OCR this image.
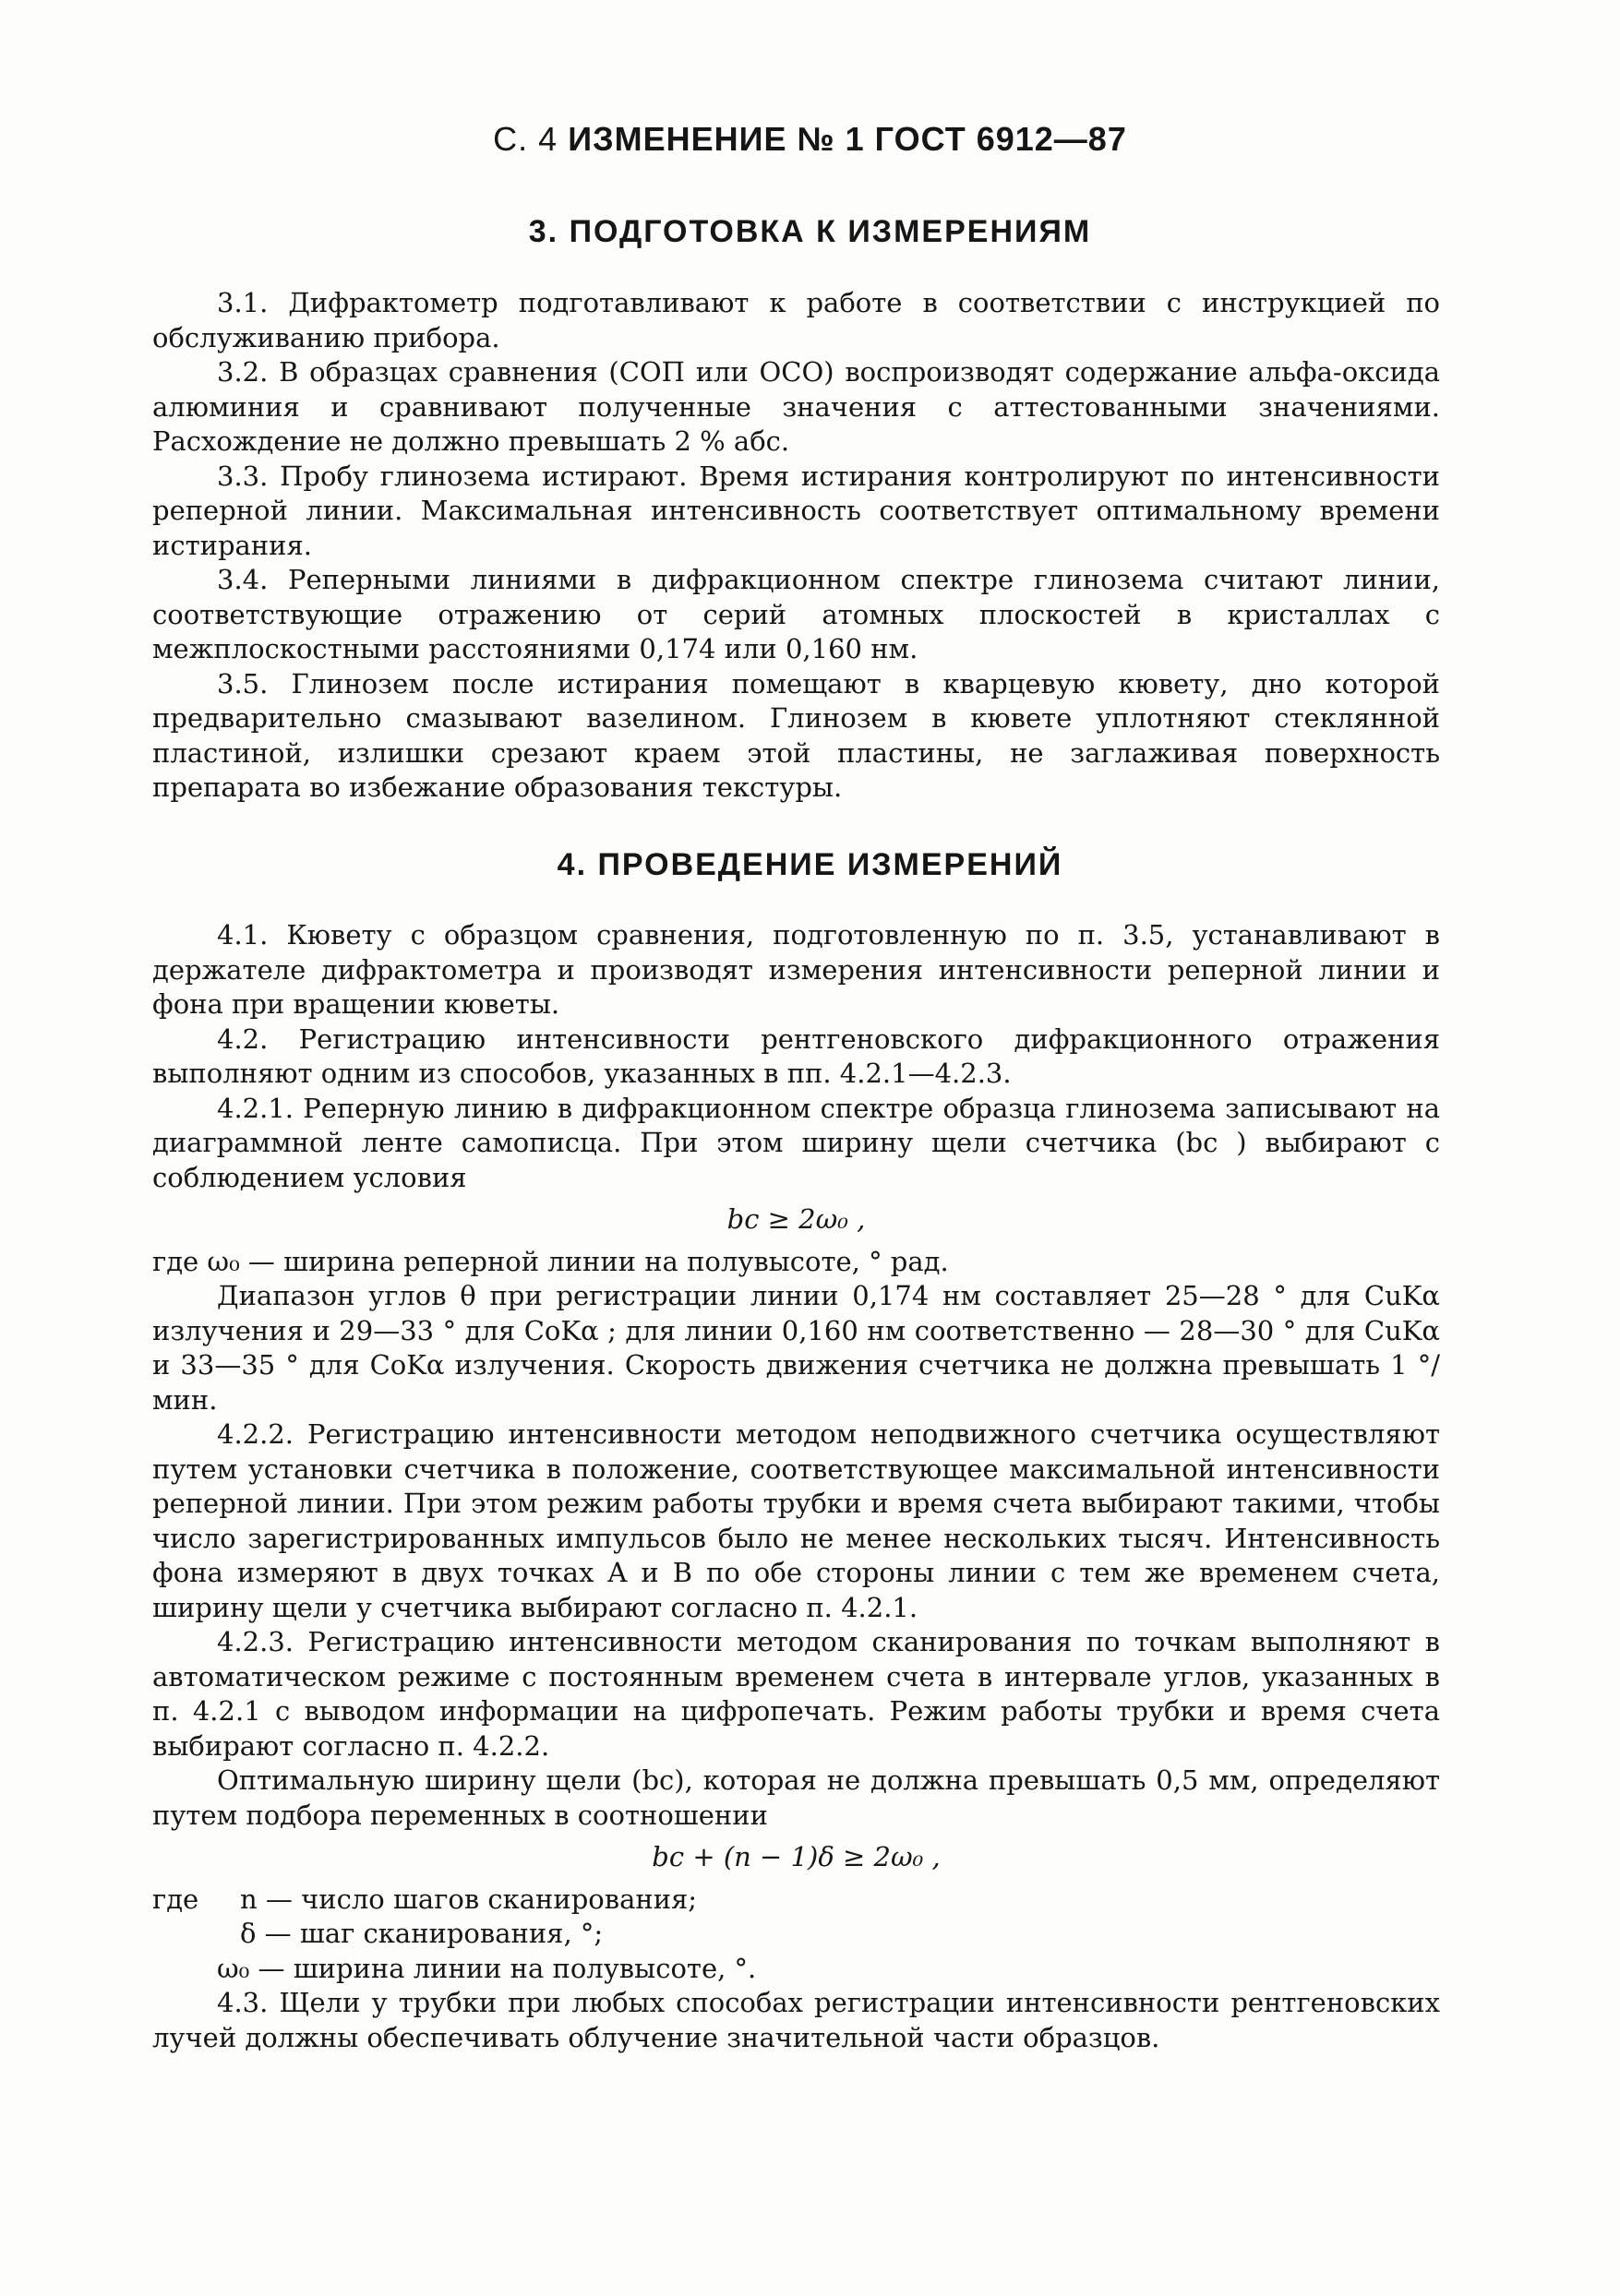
С. 4 ИЗМЕНЕНИЕ № 1 ГОСТ 6912—87
3. ПОДГОТОВКА К ИЗМЕРЕНИЯМ

3.1. Дифрактометр подготавливают к работе в соответствии с инструкцией по обслуживанию прибора.

3.2. В образцах сравнения (СОП или ОСО) воспроизводят содержание альфа-оксида алюминия и сравнивают полученные значения с аттестованными значениями. Расхождение не должно превышать 2 % абс.

3.3. Пробу глинозема истирают. Время истирания контролируют по интенсивности реперной линии. Максимальная интенсивность соответствует оптимальному времени истирания.

3.4. Реперными линиями в дифракционном спектре глинозема считают линии, соответствующие отражению от серий атомных плоскостей в кристаллах с межплоскостными расстояниями 0,174 или 0,160 нм.

3.5. Глинозем после истирания помещают в кварцевую кювету, дно которой предварительно смазывают вазелином. Глинозем в кювете уплотняют стеклянной пластиной, излишки срезают краем этой пластины, не заглаживая поверхность препарата во избежание образования текстуры.

4. ПРОВЕДЕНИЕ ИЗМЕРЕНИЙ

4.1. Кювету с образцом сравнения, подготовленную по п. 3.5, устанавливают в держателе дифрактометра и производят измерения интенсивности реперной линии и фона при вращении кюветы.

4.2. Регистрацию интенсивности рентгеновского дифракционного отражения выполняют одним из способов, указанных в пп. 4.2.1—4.2.3.

4.2.1. Реперную линию в дифракционном спектре образца глинозема записывают на диаграммной ленте самописца. При этом ширину щели счетчика (bс ) выбирают с соблюдением условия

bс ≥ 2ω₀ ,

где ω₀ — ширина реперной линии на полувысоте, ° рад.

Диапазон углов θ при регистрации линии 0,174 нм составляет 25—28 ° для CuKα излучения и 29—33 ° для CoKα ; для линии 0,160 нм соответственно — 28—30 ° для CuKα и 33—35 ° для CoKα излучения. Скорость движения счетчика не должна превышать 1 °/мин.

4.2.2. Регистрацию интенсивности методом неподвижного счетчика осуществляют путем установки счетчика в положение, соответствующее максимальной интенсивности реперной линии. При этом режим работы трубки и время счета выбирают такими, чтобы число зарегистрированных импульсов было не менее нескольких тысяч. Интенсивность фона измеряют в двух точках A и B по обе стороны линии с тем же временем счета, ширину щели у счетчика выбирают согласно п. 4.2.1.

4.2.3. Регистрацию интенсивности методом сканирования по точкам выполняют в автоматическом режиме с постоянным временем счета в интервале углов, указанных в п. 4.2.1 с выводом информации на цифропечать. Режим работы трубки и время счета выбирают согласно п. 4.2.2.

Оптимальную ширину щели (bс), которая не должна превышать 0,5 мм, определяют путем подбора переменных в соотношении

bс + (n − 1)δ ≥ 2ω₀ ,
где n — число шагов сканирования;
δ — шаг сканирования, °;
ω₀ — ширина линии на полувысоте, °.

4.3. Щели у трубки при любых способах регистрации интенсивности рентгеновских лучей должны обеспечивать облучение значительной части образцов.
